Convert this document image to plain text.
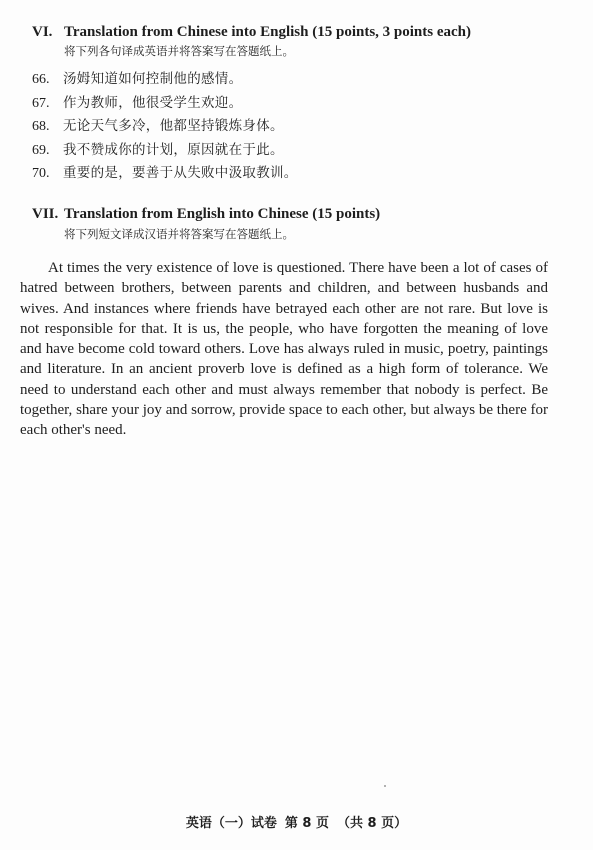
VI. Translation from Chinese into English (15 points, 3 points each)
将下列各句译成英语并将答案写在答题纸上。
66. 汤姆知道如何控制他的感情。
67. 作为教师，他很受学生欢迎。
68. 无论天气多冷，他都坚持锻炼身体。
69. 我不赞成你的计划，原因就在于此。
70. 重要的是，要善于从失败中汲取教训。
VII. Translation from English into Chinese (15 points)
将下列短文译成汉语并将答案写在答题纸上。

At times the very existence of love is questioned. There have been a lot of cases of hatred between brothers, between parents and children, and between husbands and wives. And instances where friends have betrayed each other are not rare. But love is not responsible for that. It is us, the people, who have forgotten the meaning of love and have become cold toward others. Love has always ruled in music, poetry, paintings and literature. In an ancient proverb love is defined as a high form of tolerance. We need to understand each other and must always remember that nobody is perfect. Be together, share your joy and sorrow, provide space to each other, but always be there for each other's need.

英语（一）试卷 第 8 页 （共 8 页）
